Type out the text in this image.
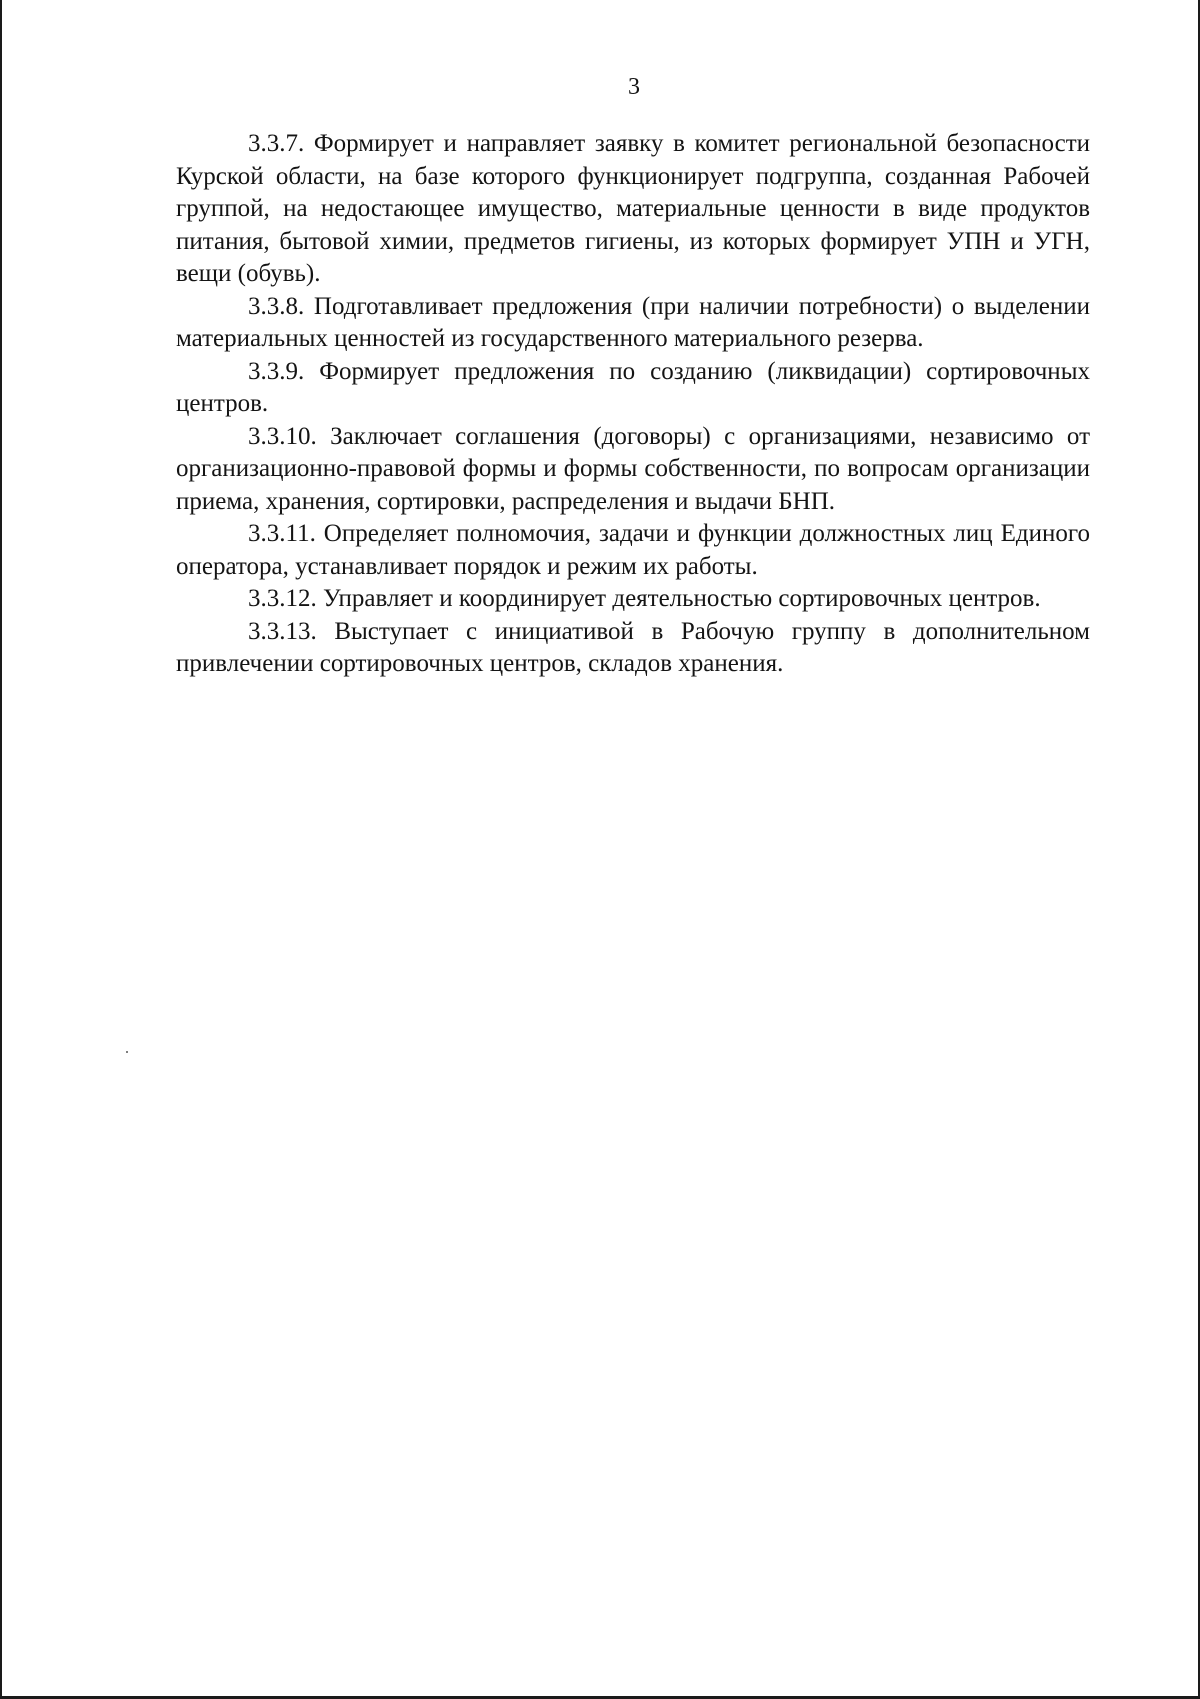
3

3.3.7. Формирует и направляет заявку в комитет региональной безопасности Курской области, на базе которого функционирует подгруппа, созданная Рабочей группой, на недостающее имущество, материальные ценности в виде продуктов питания, бытовой химии, предметов гигиены, из которых формирует УПН и УГН, вещи (обувь).

3.3.8. Подготавливает предложения (при наличии потребности) о выделении материальных ценностей из государственного материального резерва.

3.3.9. Формирует предложения по созданию (ликвидации) сортировочных центров.

3.3.10. Заключает соглашения (договоры) с организациями, независимо от организационно-правовой формы и формы собственности, по вопросам организации приема, хранения, сортировки, распределения и выдачи БНП.

3.3.11. Определяет полномочия, задачи и функции должностных лиц Единого оператора, устанавливает порядок и режим их работы.

3.3.12. Управляет и координирует деятельностью сортировочных центров.

3.3.13. Выступает с инициативой в Рабочую группу в дополнительном привлечении сортировочных центров, складов хранения.
